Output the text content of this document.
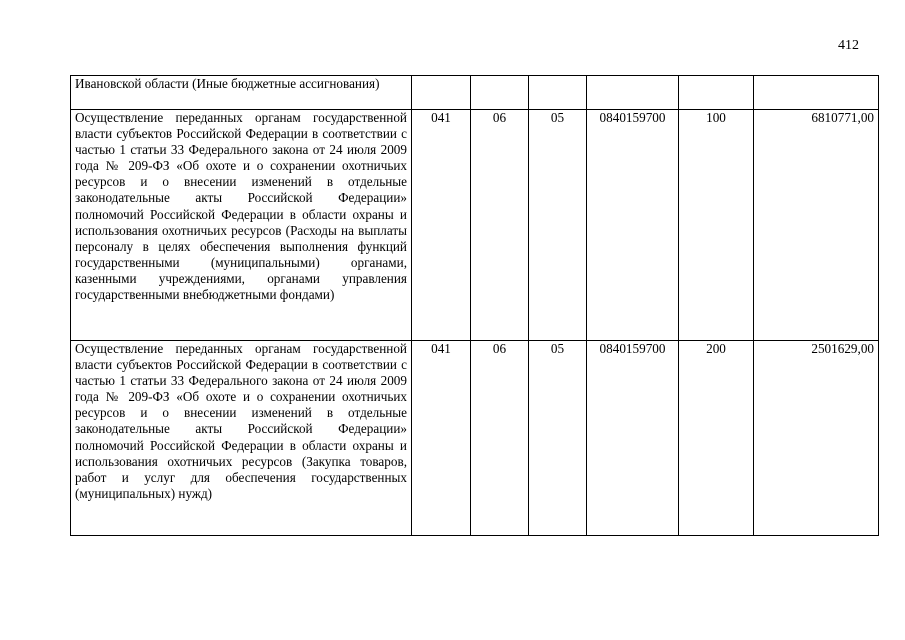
412
Ивановской области (Иные бюджетные ассигнования)						
Осуществление переданных органам государственной власти субъектов Российской Федерации в соответствии с частью 1 статьи 33 Федерального закона от 24 июля 2009 года № 209-ФЗ «Об охоте и о сохранении охотничьих ресурсов и о внесении изменений в отдельные законодательные акты Российской Федерации» полномочий Российской Федерации в области охраны и использования охотничьих ресурсов (Расходы на выплаты персоналу в целях обеспечения выполнения функций государственными (муниципальными) органами, казенными учреждениями, органами управления государственными внебюджетными фондами)	041	06	05	0840159700	100	6810771,00
Осуществление переданных органам государственной власти субъектов Российской Федерации в соответствии с частью 1 статьи 33 Федерального закона от 24 июля 2009 года № 209-ФЗ «Об охоте и о сохранении охотничьих ресурсов и о внесении изменений в отдельные законодательные акты Российской Федерации» полномочий Российской Федерации в области охраны и использования охотничьих ресурсов (Закупка товаров, работ и услуг для обеспечения государственных (муниципальных) нужд)	041	06	05	0840159700	200	2501629,00
